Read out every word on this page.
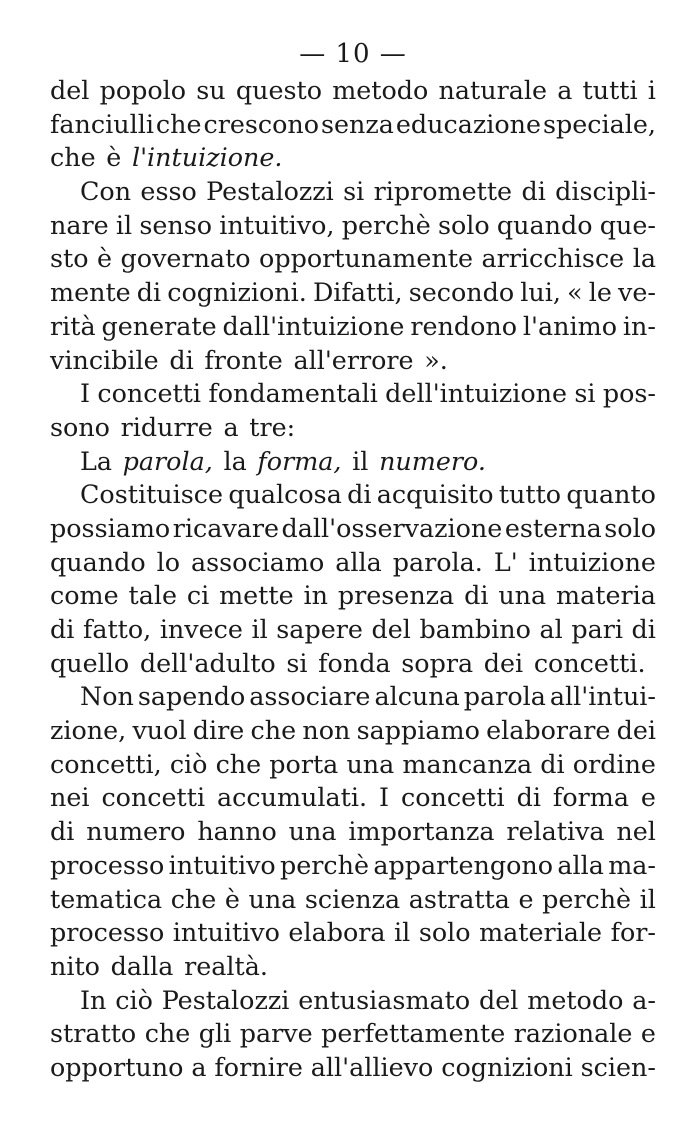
— 10 —
del popolo su questo metodo naturale a tutti i
fanciulli che crescono senza educazione speciale,
che è l'intuizione.
Con esso Pestalozzi si ripromette di discipli-
nare il senso intuitivo, perchè solo quando que-
sto è governato opportunamente arricchisce la
mente di cognizioni. Difatti, secondo lui, « le ve-
rità generate dall'intuizione rendono l'animo in-
vincibile di fronte all'errore ».
I concetti fondamentali dell'intuizione si pos-
sono ridurre a tre:
La parola, la forma, il numero.
Costituisce qualcosa di acquisito tutto quanto
possiamo ricavare dall'osservazione esterna solo
quando lo associamo alla parola. L' intuizione
come tale ci mette in presenza di una materia
di fatto, invece il sapere del bambino al pari di
quello dell'adulto si fonda sopra dei concetti.
Non sapendo associare alcuna parola all'intui-
zione, vuol dire che non sappiamo elaborare dei
concetti, ciò che porta una mancanza di ordine
nei concetti accumulati. I concetti di forma e
di numero hanno una importanza relativa nel
processo intuitivo perchè appartengono alla ma-
tematica che è una scienza astratta e perchè il
processo intuitivo elabora il solo materiale for-
nito dalla realtà.
In ciò Pestalozzi entusiasmato del metodo a-
stratto che gli parve perfettamente razionale e
opportuno a fornire all'allievo cognizioni scien-
